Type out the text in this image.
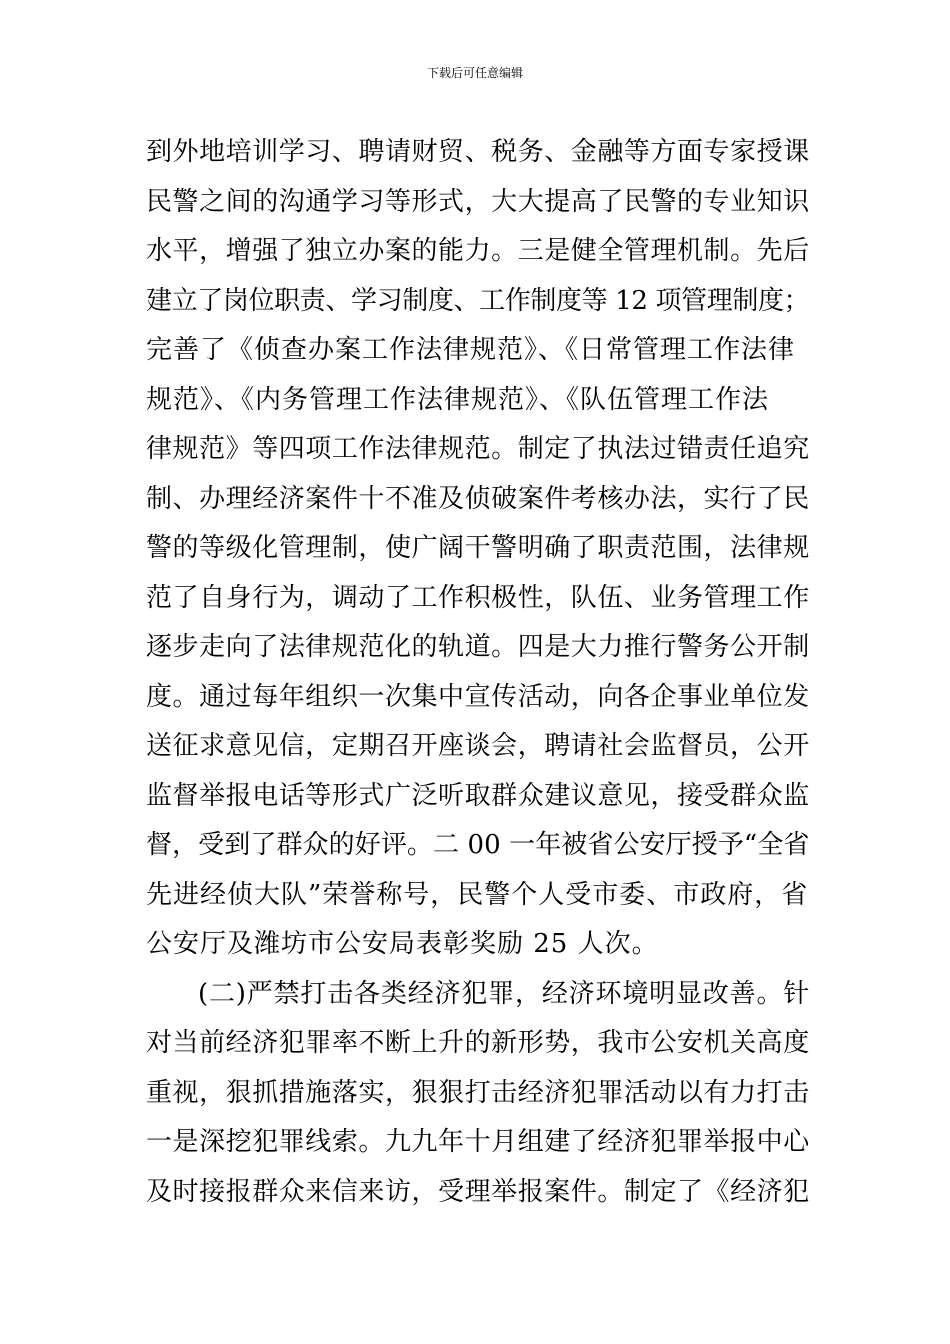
下载后可任意编辑
到外地培训学习、聘请财贸、税务、金融等方面专家授课
民警之间的沟通学习等形式，大大提高了民警的专业知识
水平，增强了独立办案的能力。三是健全管理机制。先后
建立了岗位职责、学习制度、工作制度等 12 项管理制度；
完善了《侦查办案工作法律规范》、《日常管理工作法律
规范》、《内务管理工作法律规范》、《队伍管理工作法
律规范》等四项工作法律规范。制定了执法过错责任追究
制、办理经济案件十不准及侦破案件考核办法，实行了民
警的等级化管理制，使广阔干警明确了职责范围，法律规
范了自身行为，调动了工作积极性，队伍、业务管理工作
逐步走向了法律规范化的轨道。四是大力推行警务公开制
度。通过每年组织一次集中宣传活动，向各企事业单位发
送征求意见信，定期召开座谈会，聘请社会监督员，公开
监督举报电话等形式广泛听取群众建议意见，接受群众监
督，受到了群众的好评。二 00 一年被省公安厅授予“全省
先进经侦大队”荣誉称号，民警个人受市委、市政府，省
公安厅及潍坊市公安局表彰奖励 25 人次。
(二)严禁打击各类经济犯罪，经济环境明显改善。针
对当前经济犯罪率不断上升的新形势，我市公安机关高度
重视，狠抓措施落实，狠狠打击经济犯罪活动以有力打击
一是深挖犯罪线索。九九年十月组建了经济犯罪举报中心
及时接报群众来信来访，受理举报案件。制定了《经济犯
